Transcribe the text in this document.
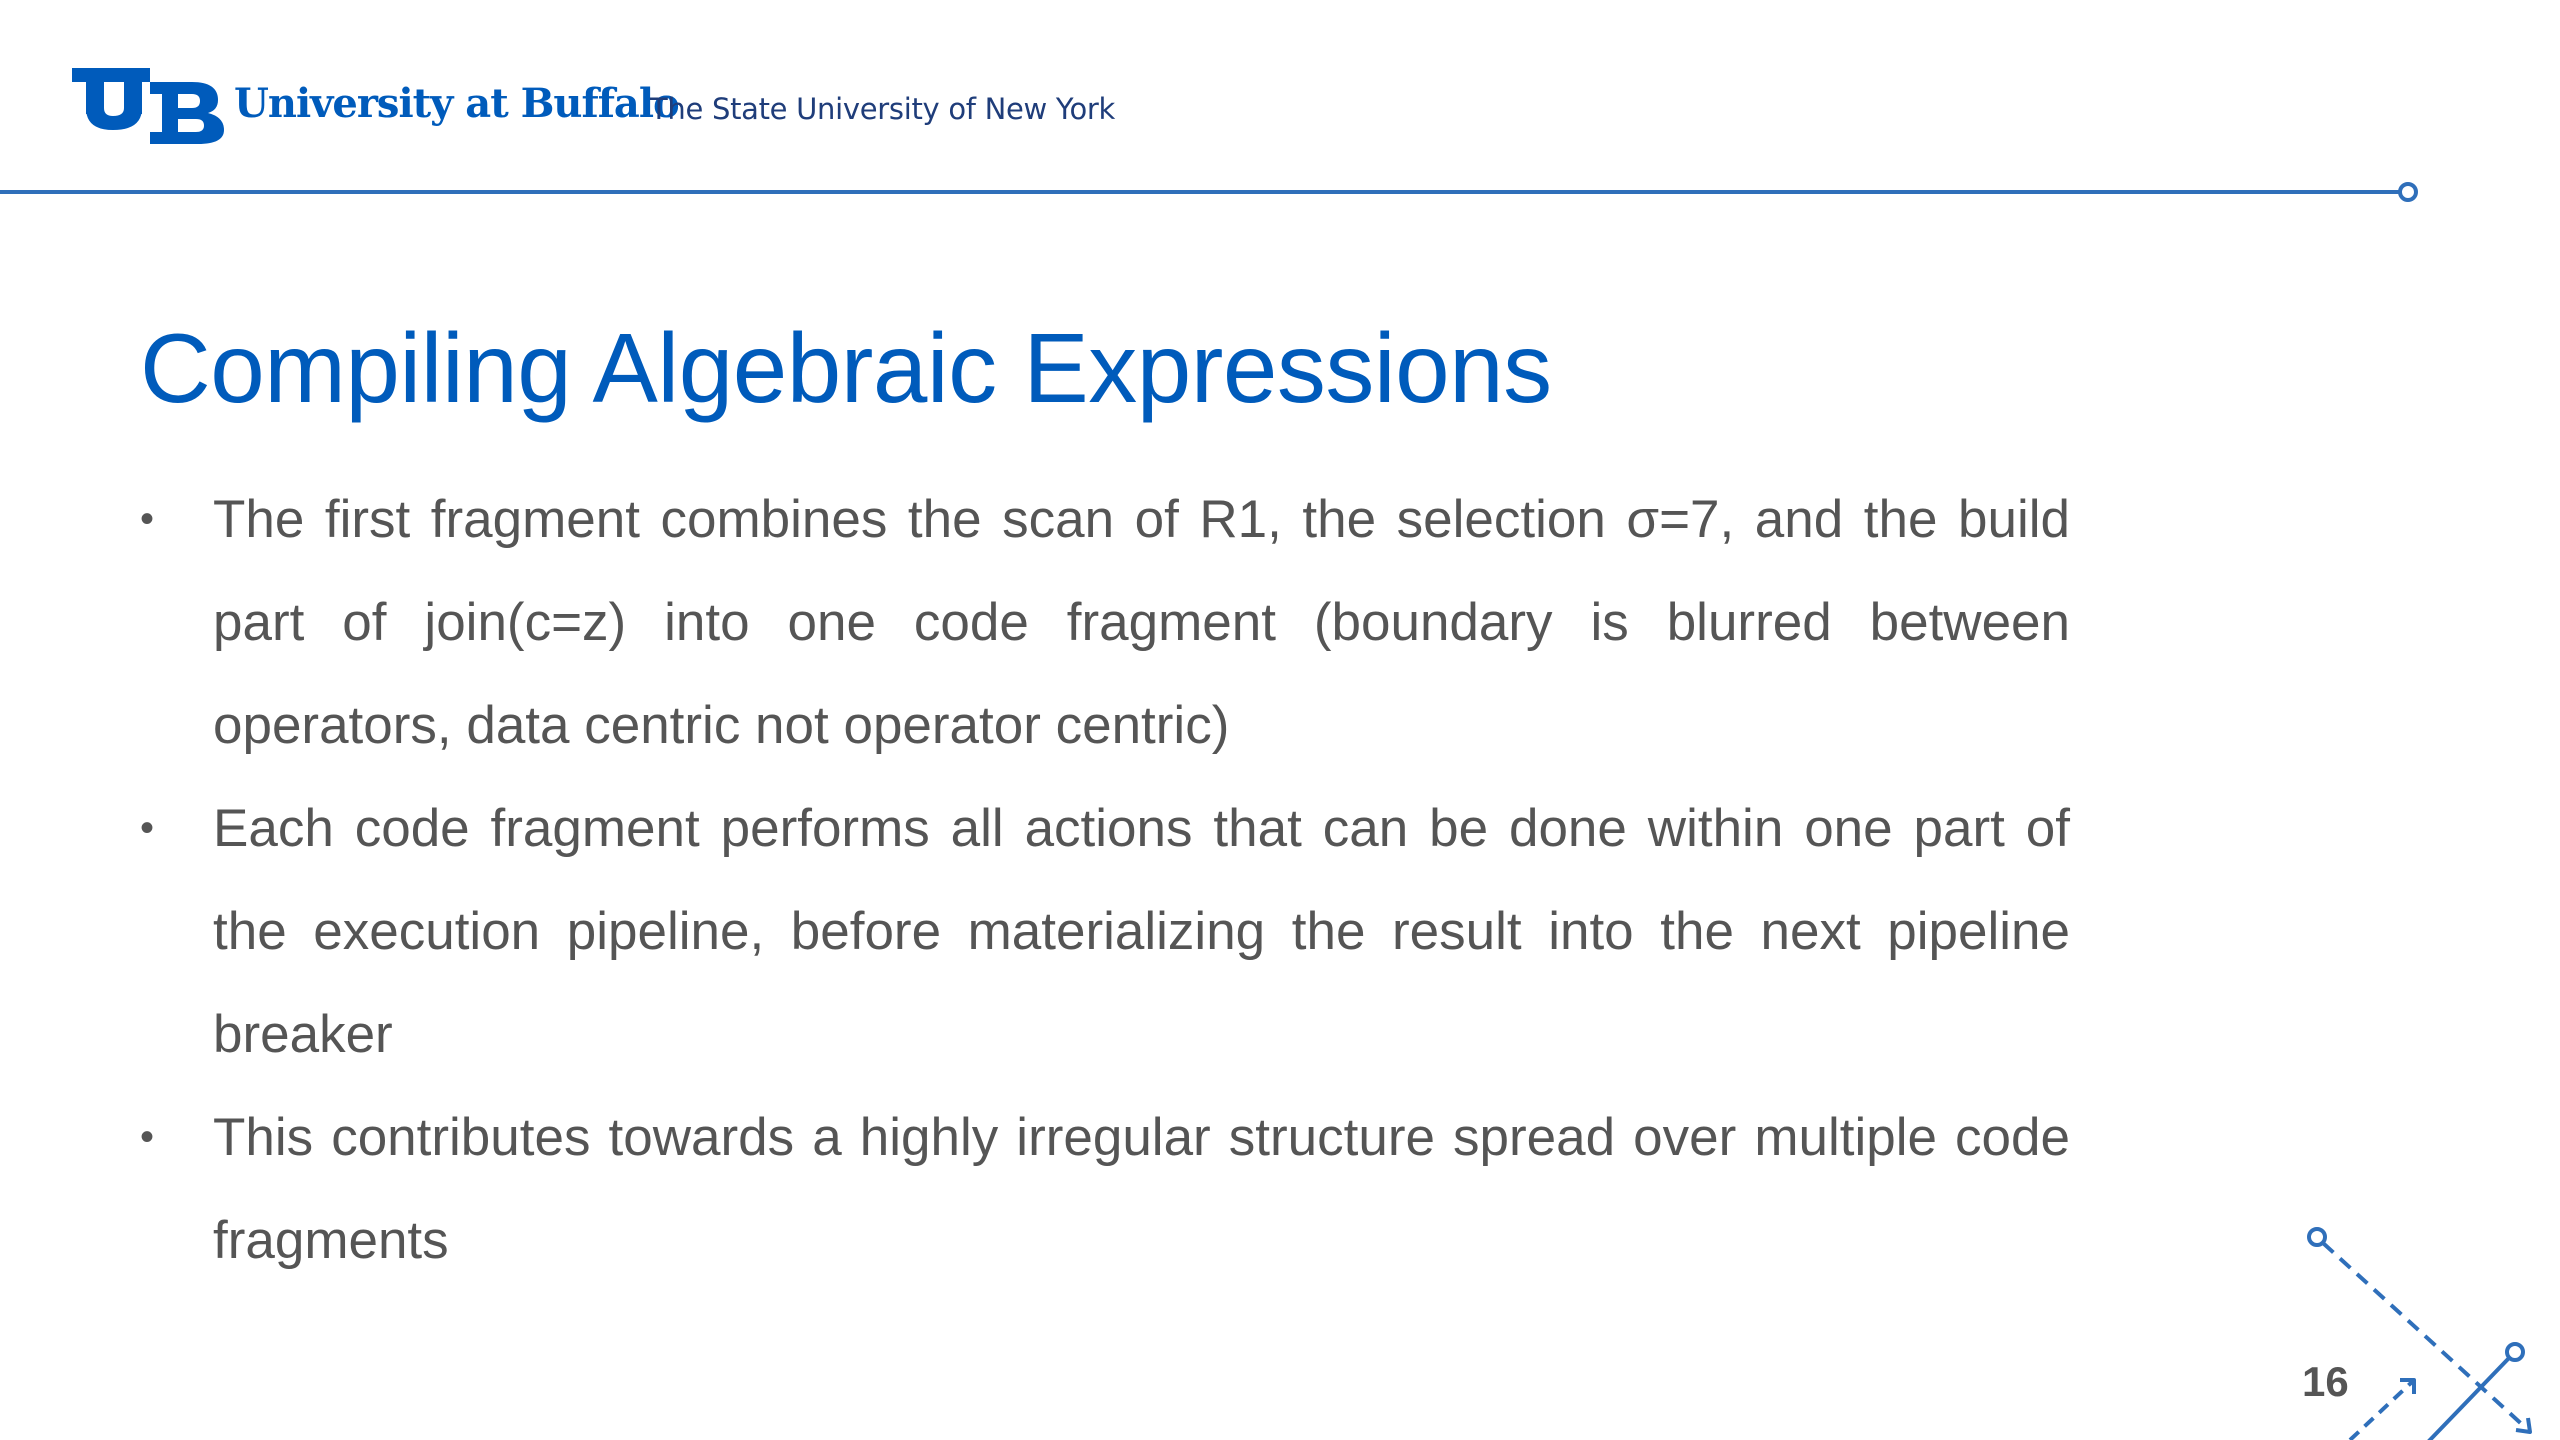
University at Buffalo
The State University of New York
Compiling Algebraic Expressions
•	The first fragment combines the scan of R1, the selection σ=7, and the build part of join(c=z) into one code fragment (boundary is blurred between operators, data centric not operator centric)
•	Each code fragment performs all actions that can be done within one part of the execution pipeline, before materializing the result into the next pipeline breaker
•	This contributes towards a highly irregular structure spread over multiple code fragments
16
